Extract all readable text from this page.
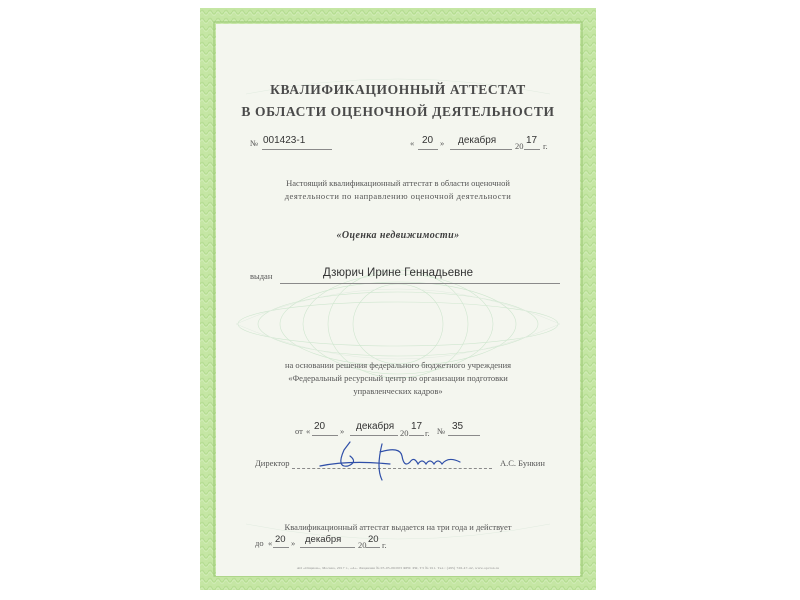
КВАЛИФИКАЦИОННЫЙ АТТЕСТАТ
В ОБЛАСТИ ОЦЕНОЧНОЙ ДЕЯТЕЛЬНОСТИ
№ 001423-1	« 20 » декабря 20 17 г.
Настоящий квалификационный аттестат в области оценочной
деятельности по направлению оценочной деятельности
«Оценка недвижимости»
выдан	Дзюрич Ирине Геннадьевне
на основании решения федерального бюджетного учреждения
«Федеральный ресурсный центр по организации подготовки
управленческих кадров»
от « 20 » декабря
20
17
г. № 35
Директор	А.С. Бункин
Квалификационный аттестат выдается на три года и действует
до « 20 » декабря 20 20 г.
АО «Опцион», Москва, 2017 г., «А». Лицензия № 05-05-06/003 ФНС РФ, ТЗ № 911. Тел.: (495) 726-47-42, www.opcion.ru
